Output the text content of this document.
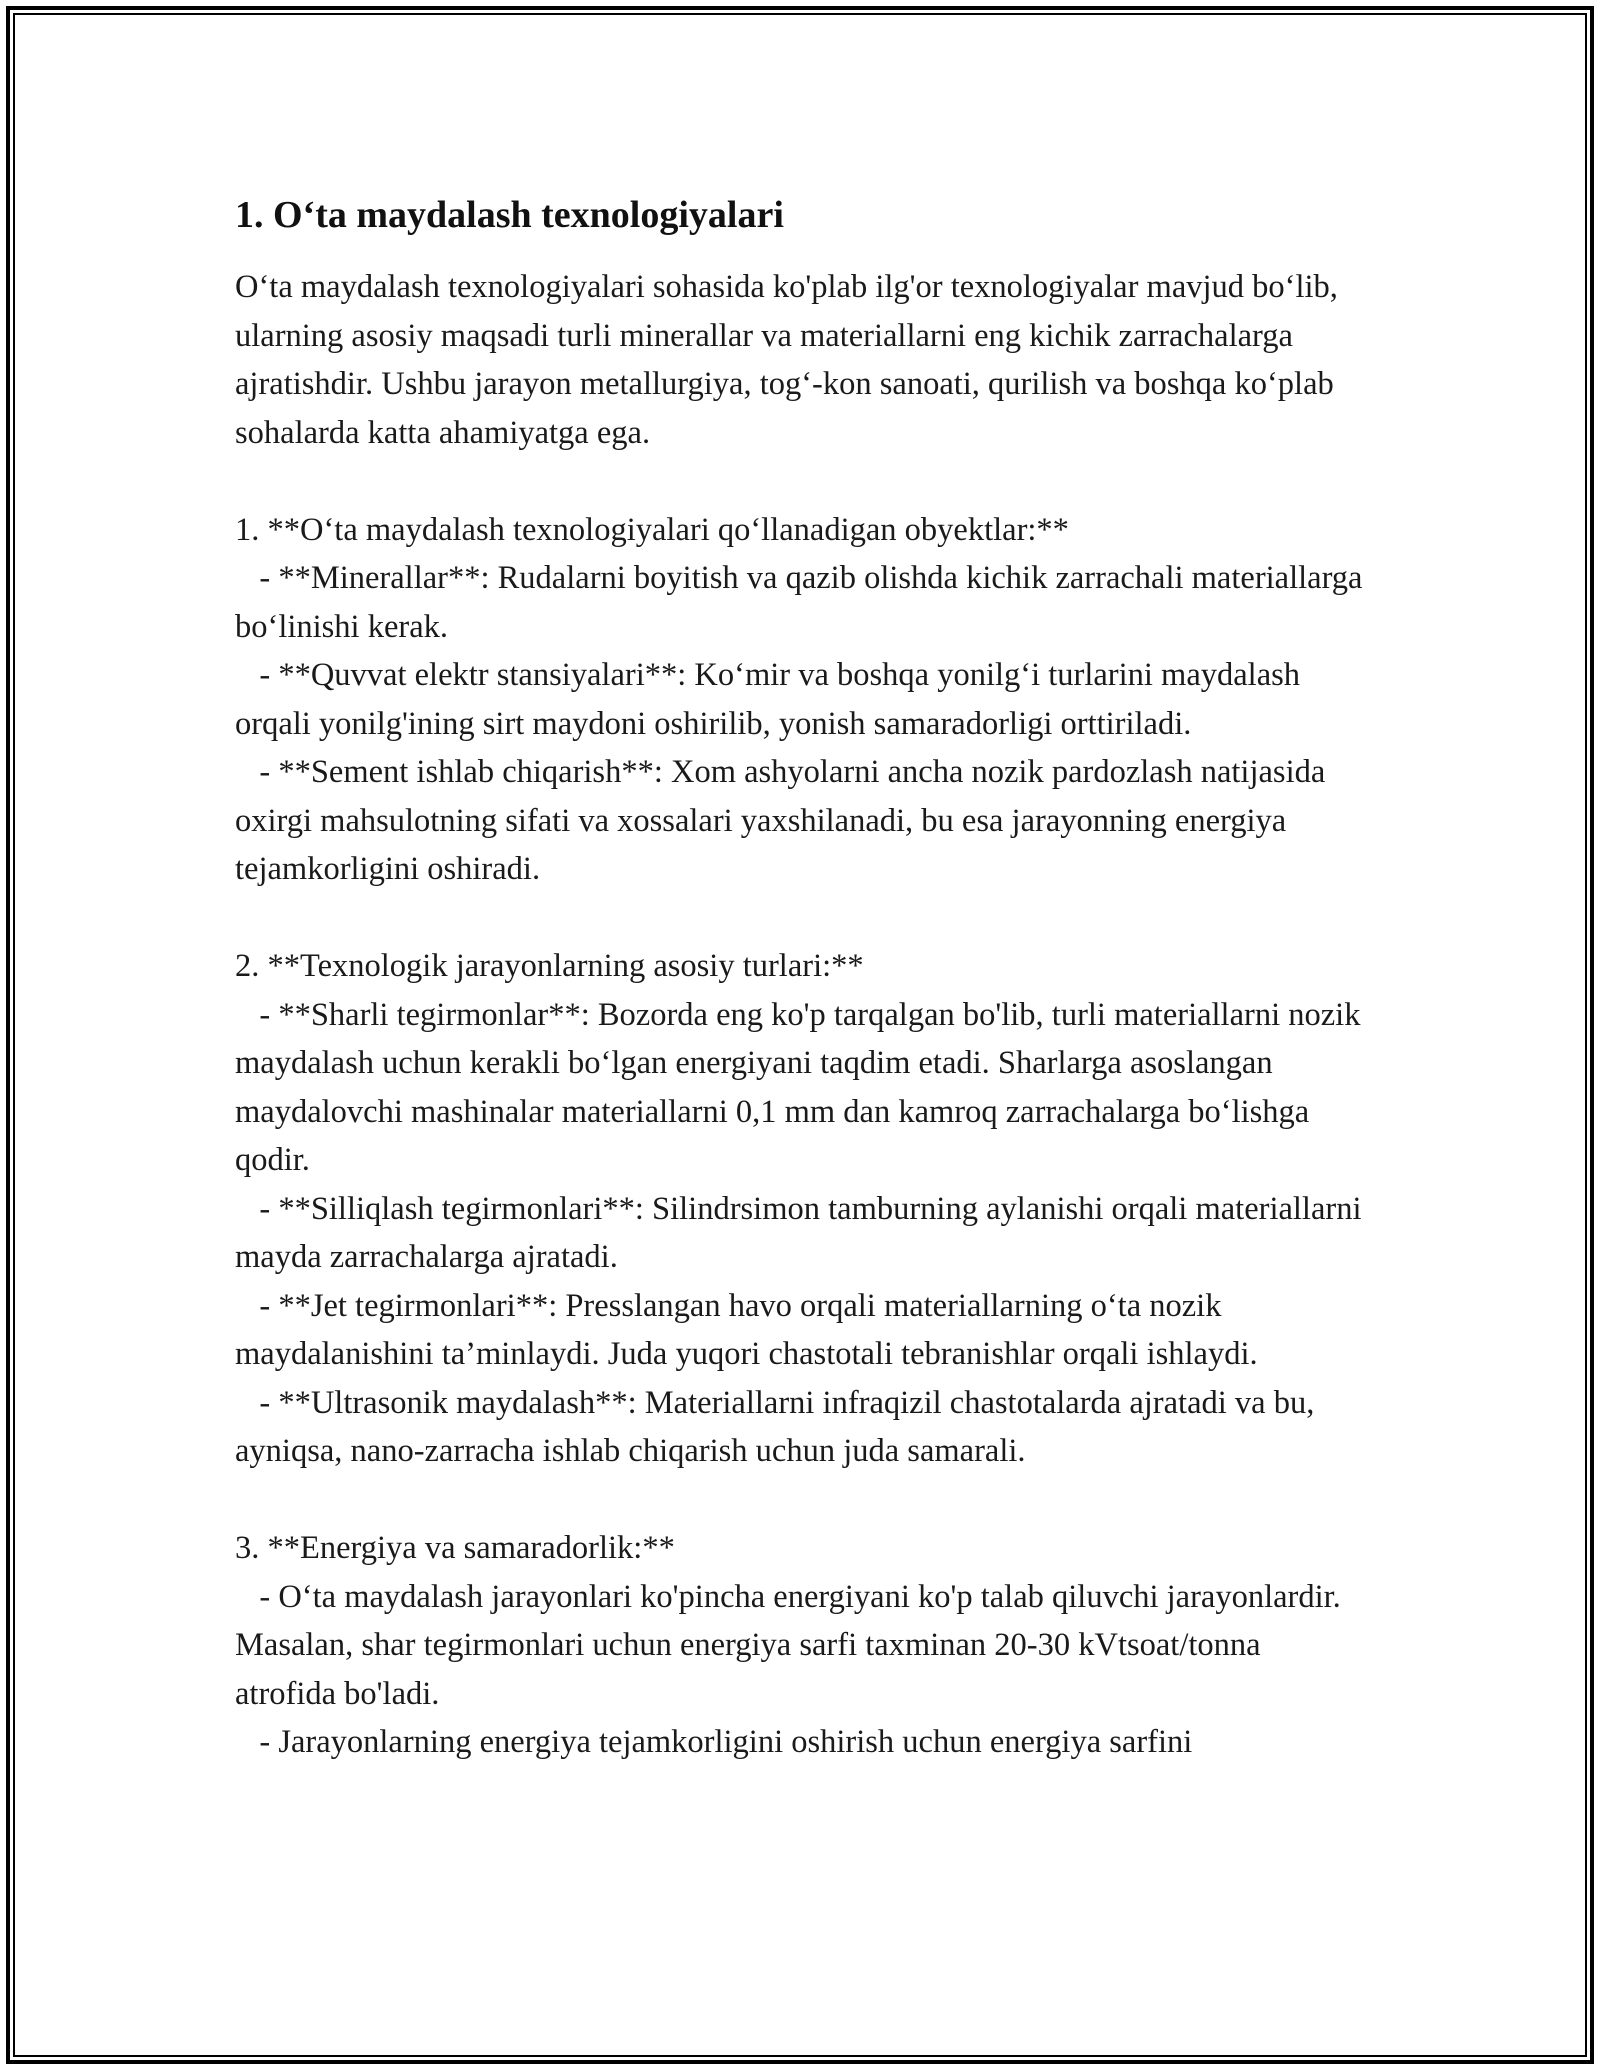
1. O‘ta maydalash texnologiyalari

O‘ta maydalash texnologiyalari sohasida ko'plab ilg'or texnologiyalar mavjud bo‘lib, ularning asosiy maqsadi turli minerallar va materiallarni eng kichik zarrachalarga ajratishdir. Ushbu jarayon metallurgiya, tog‘-kon sanoati, qurilish va boshqa ko‘plab sohalarda katta ahamiyatga ega.

1. **O‘ta maydalash texnologiyalari qo‘llanadigan obyektlar:**

- **Minerallar**: Rudalarni boyitish va qazib olishda kichik zarrachali materiallarga bo‘linishi kerak.

- **Quvvat elektr stansiyalari**: Ko‘mir va boshqa yonilg‘i turlarini maydalash orqali yonilg'ining sirt maydoni oshirilib, yonish samaradorligi orttiriladi.

- **Sement ishlab chiqarish**: Xom ashyolarni ancha nozik pardozlash natijasida oxirgi mahsulotning sifati va xossalari yaxshilanadi, bu esa jarayonning energiya tejamkorligini oshiradi.

2. **Texnologik jarayonlarning asosiy turlari:**

- **Sharli tegirmonlar**: Bozorda eng ko'p tarqalgan bo'lib, turli materiallarni nozik maydalash uchun kerakli bo‘lgan energiyani taqdim etadi. Sharlarga asoslangan maydalovchi mashinalar materiallarni 0,1 mm dan kamroq zarrachalarga bo‘lishga qodir.

- **Silliqlash tegirmonlari**: Silindrsimon tamburning aylanishi orqali materiallarni mayda zarrachalarga ajratadi.

- **Jet tegirmonlari**: Presslangan havo orqali materiallarning o‘ta nozik maydalanishini ta’minlaydi. Juda yuqori chastotali tebranishlar orqali ishlaydi.

- **Ultrasonik maydalash**: Materiallarni infraqizil chastotalarda ajratadi va bu, ayniqsa, nano-zarracha ishlab chiqarish uchun juda samarali.

3. **Energiya va samaradorlik:**

- O‘ta maydalash jarayonlari ko'pincha energiyani ko'p talab qiluvchi jarayonlardir. Masalan, shar tegirmonlari uchun energiya sarfi taxminan 20-30 kVtsoat/tonna atrofida bo'ladi.

- Jarayonlarning energiya tejamkorligini oshirish uchun energiya sarfini
